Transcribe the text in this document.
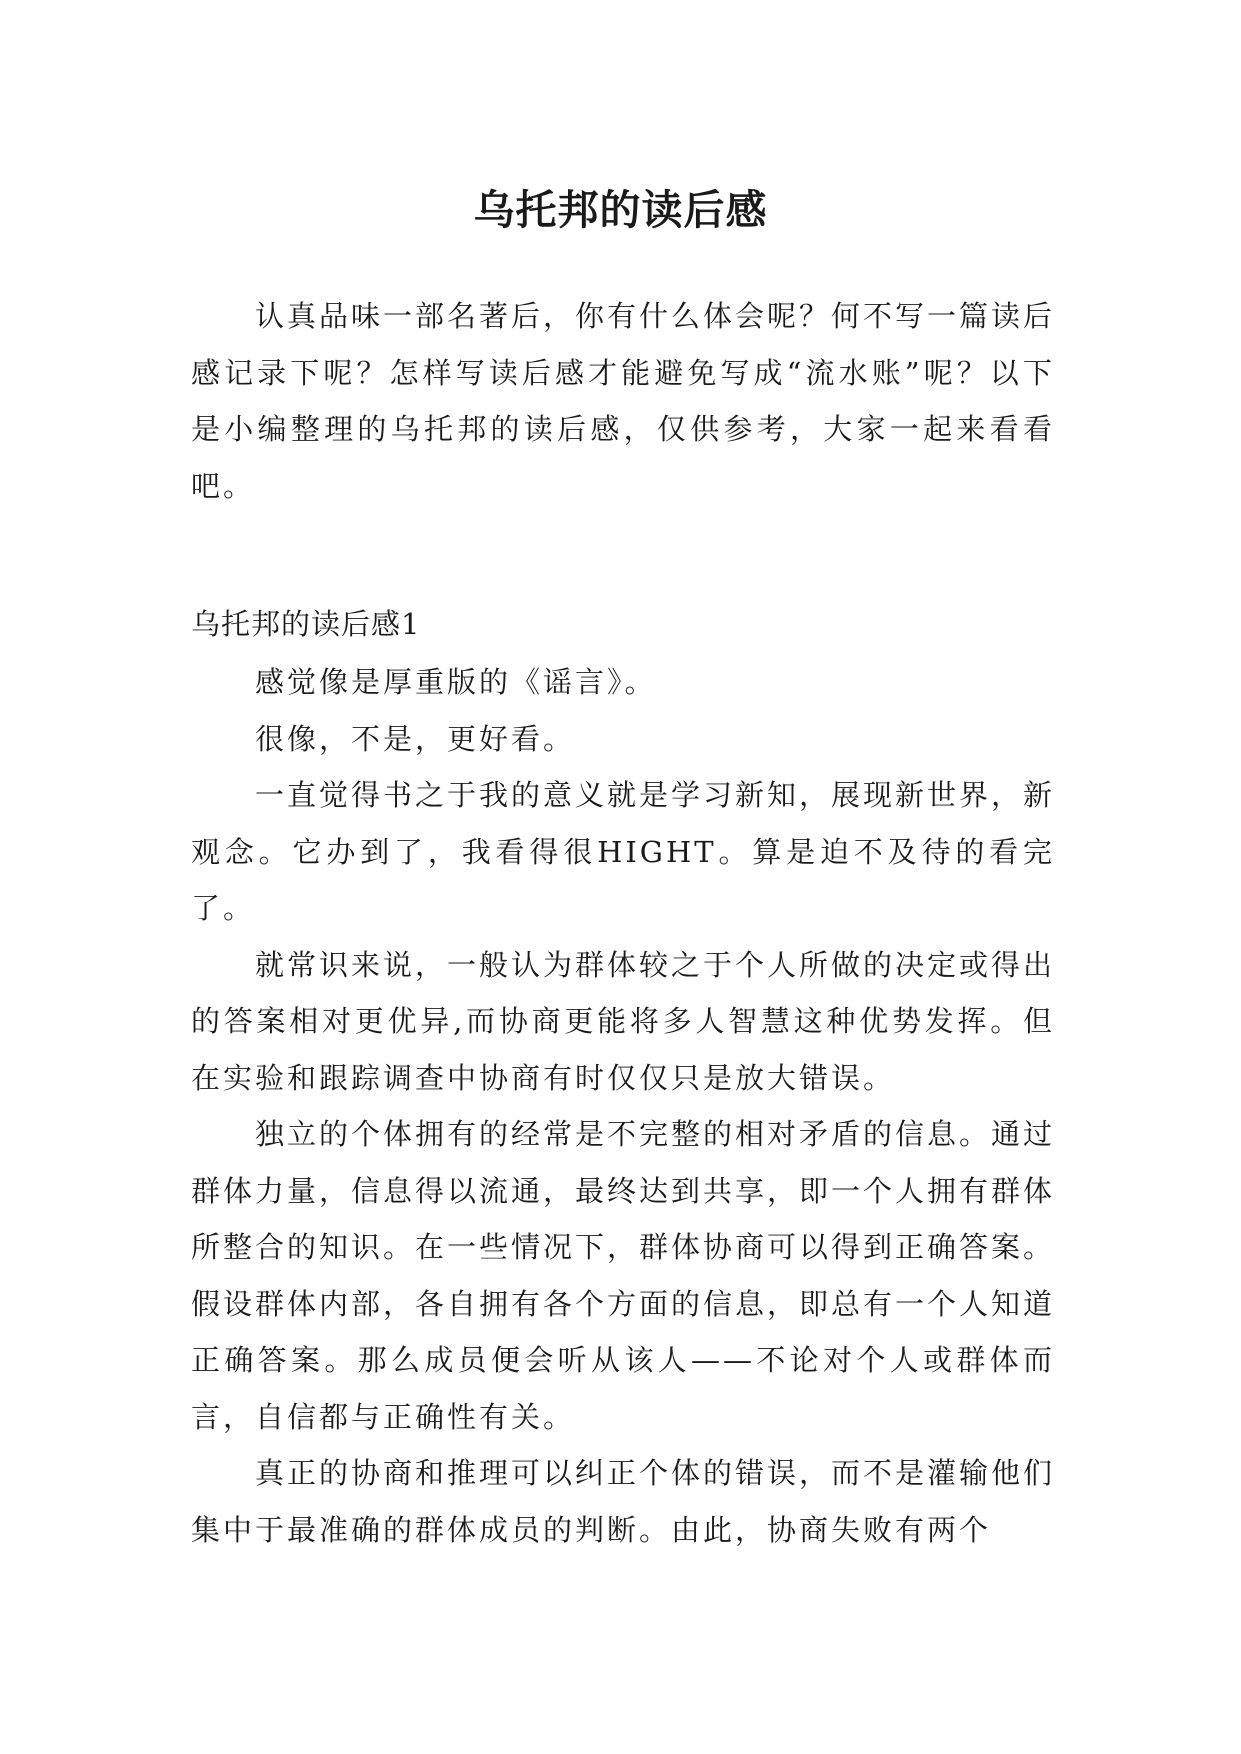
乌托邦的读后感

认真品味一部名著后，你有什么体会呢？何不写一篇读后感记录下呢？怎样写读后感才能避免写成“流水账”呢？以下是小编整理的乌托邦的读后感，仅供参考，大家一起来看看吧。

乌托邦的读后感1

感觉像是厚重版的《谣言》。

很像，不是，更好看。

一直觉得书之于我的意义就是学习新知，展现新世界，新观念。它办到了，我看得很HIGHT。算是迫不及待的看完了。

就常识来说，一般认为群体较之于个人所做的决定或得出的答案相对更优异,而协商更能将多人智慧这种优势发挥。但在实验和跟踪调查中协商有时仅仅只是放大错误。

独立的个体拥有的经常是不完整的相对矛盾的信息。通过群体力量，信息得以流通，最终达到共享，即一个人拥有群体所整合的知识。在一些情况下，群体协商可以得到正确答案。假设群体内部，各自拥有各个方面的信息，即总有一个人知道正确答案。那么成员便会听从该人——不论对个人或群体而言，自信都与正确性有关。

真正的协商和推理可以纠正个体的错误，而不是灌输他们集中于最准确的群体成员的判断。由此，协商失败有两个
